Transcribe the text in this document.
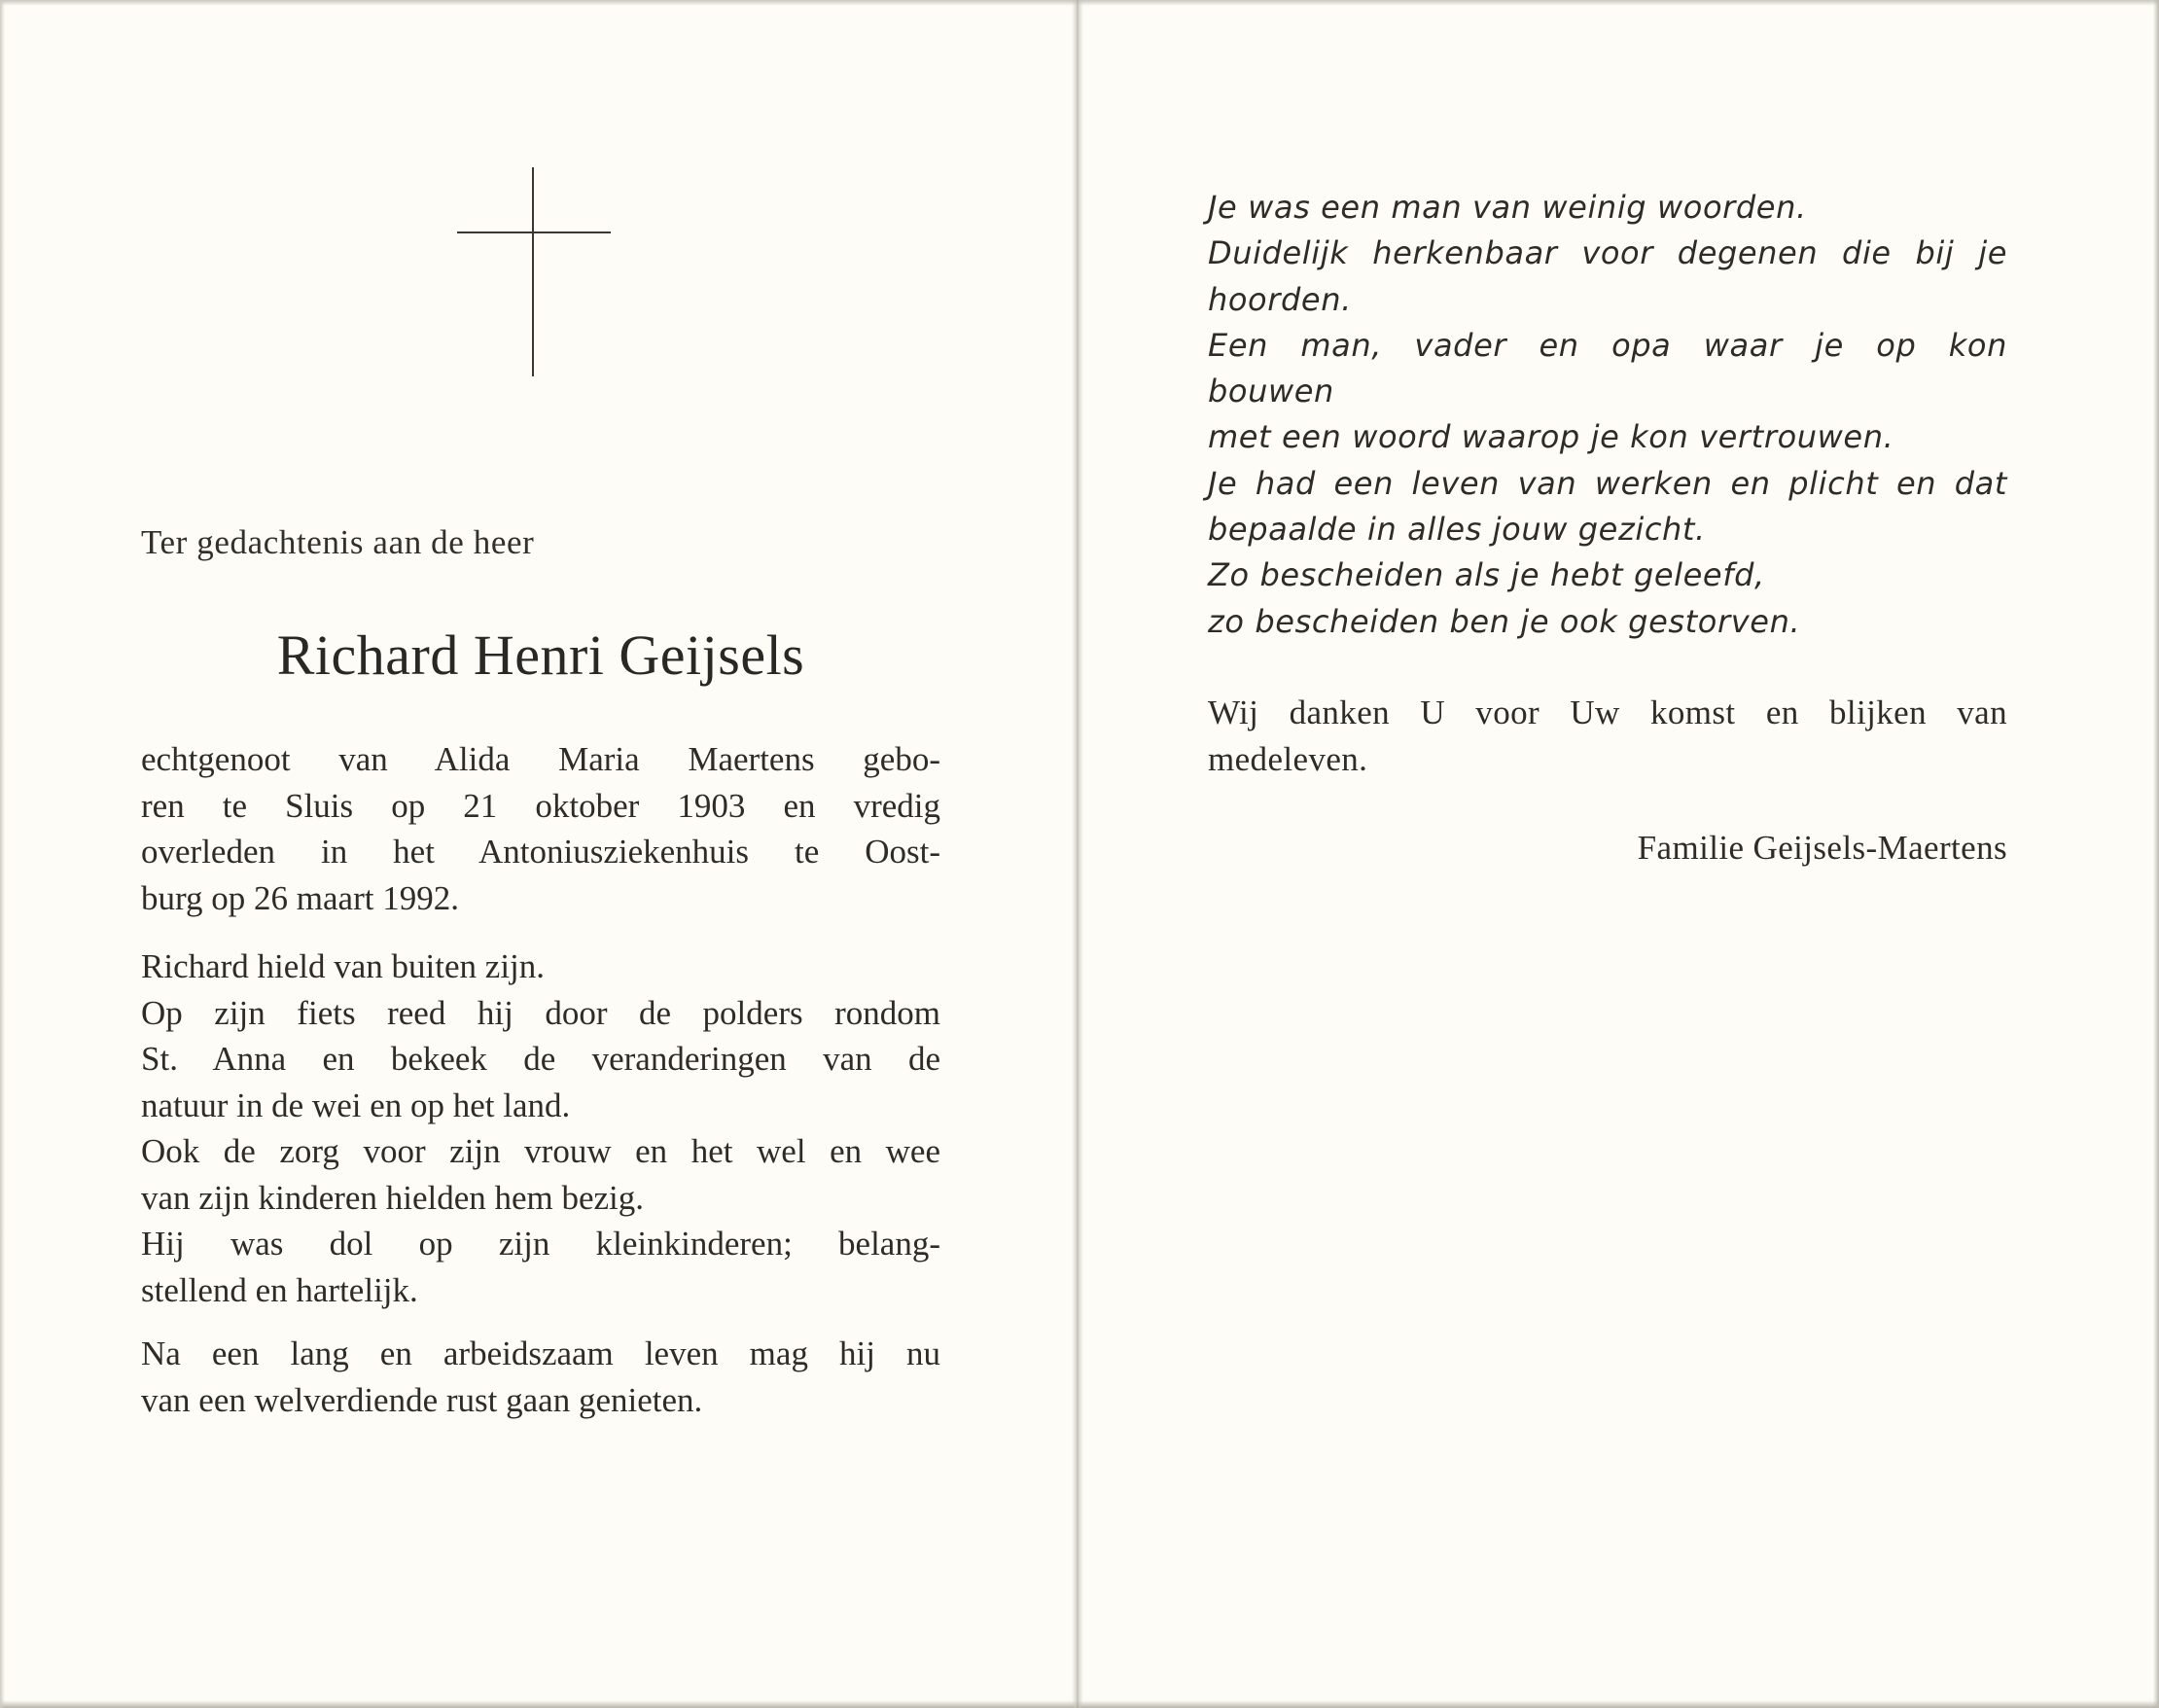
Ter gedachtenis aan de heer
Richard Henri Geijsels
echtgenoot van Alida Maria Maertens gebo-
ren te Sluis op 21 oktober 1903 en vredig
overleden in het Antoniusziekenhuis te Oost-
burg op 26 maart 1992.
Richard hield van buiten zijn.
Op zijn fiets reed hij door de polders rondom
St. Anna en bekeek de veranderingen van de
natuur in de wei en op het land.
Ook de zorg voor zijn vrouw en het wel en wee
van zijn kinderen hielden hem bezig.
Hij was dol op zijn kleinkinderen; belang-
stellend en hartelijk.
Na een lang en arbeidszaam leven mag hij nu
van een welverdiende rust gaan genieten.
Je was een man van weinig woorden.
Duidelijk herkenbaar voor degenen die bij je
hoorden.
Een man, vader en opa waar je op kon
bouwen
met een woord waarop je kon vertrouwen.
Je had een leven van werken en plicht en dat
bepaalde in alles jouw gezicht.
Zo bescheiden als je hebt geleefd,
zo bescheiden ben je ook gestorven.
Wij danken U voor Uw komst en blijken van
medeleven.
Familie Geijsels-Maertens
